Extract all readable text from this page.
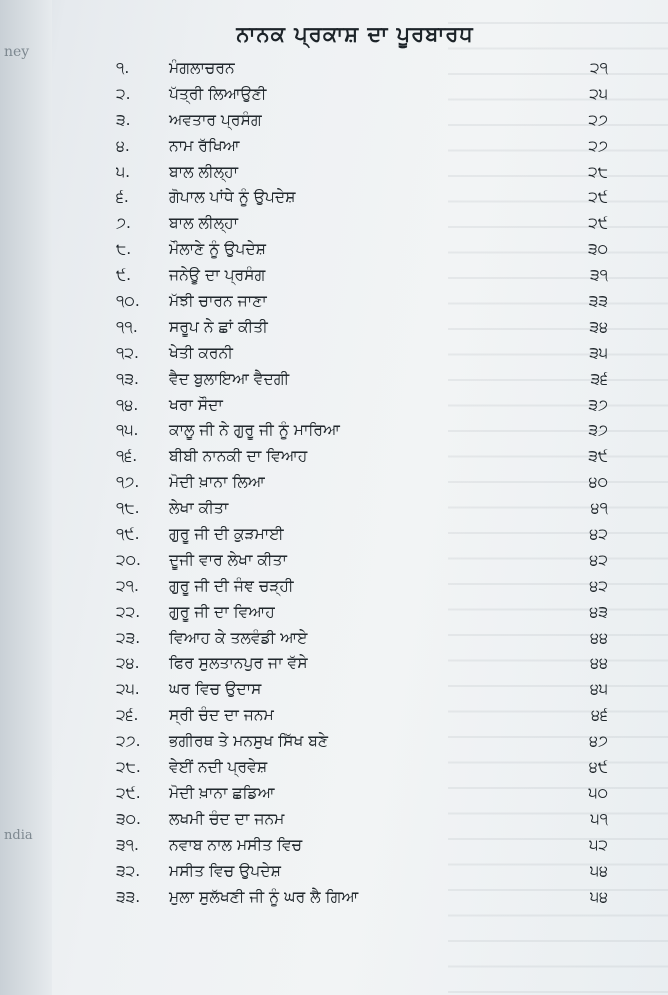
ney
ndia
ਨਾਨਕ ਪ੍ਰਕਾਸ਼ ਦਾ ਪੂਰਬਾਰਧ
੧.	ਮੰਗਲਾਚਰਨ	੨੧
੨.	ਪੱਤ੍ਰੀ ਲਿਆਉਣੀ	੨੫
੩.	ਅਵਤਾਰ ਪ੍ਰਸੰਗ	੨੭
੪.	ਨਾਮ ਰੱਖਿਆ	੨੭
੫.	ਬਾਲ ਲੀਲ੍ਹਾ	੨੮
੬.	ਗੋਪਾਲ ਪਾਂਧੇ ਨੂੰ ਉਪਦੇਸ਼	੨੯
੭.	ਬਾਲ ਲੀਲ੍ਹਾ	੨੯
੮.	ਮੌਲਾਣੇ ਨੂੰ ਉਪਦੇਸ਼	੩੦
੯.	ਜਨੇਊ ਦਾ ਪ੍ਰਸੰਗ	੩੧
੧੦.	ਮੱਝੀ ਚਾਰਨ ਜਾਣਾ	੩੩
੧੧.	ਸਰੂਪ ਨੇ ਛਾਂ ਕੀਤੀ	੩੪
੧੨.	ਖੇਤੀ ਕਰਨੀ	੩੫
੧੩.	ਵੈਦ ਬੁਲਾਇਆ ਵੈਦਗੀ	੩੬
੧੪.	ਖਰਾ ਸੌਦਾ	੩੭
੧੫.	ਕਾਲੂ ਜੀ ਨੇ ਗੁਰੂ ਜੀ ਨੂੰ ਮਾਰਿਆ	੩੭
੧੬.	ਬੀਬੀ ਨਾਨਕੀ ਦਾ ਵਿਆਹ	੩੯
੧੭.	ਮੋਦੀ ਖ਼ਾਨਾ ਲਿਆ	੪੦
੧੮.	ਲੇਖਾ ਕੀਤਾ	੪੧
੧੯.	ਗੁਰੂ ਜੀ ਦੀ ਕੁੜਮਾਈ	੪੨
੨੦.	ਦੂਜੀ ਵਾਰ ਲੇਖਾ ਕੀਤਾ	੪੨
੨੧.	ਗੁਰੂ ਜੀ ਦੀ ਜੰਞ ਚੜ੍ਹੀ	੪੨
੨੨.	ਗੁਰੂ ਜੀ ਦਾ ਵਿਆਹ	੪੩
੨੩.	ਵਿਆਹ ਕੇ ਤਲਵੰਡੀ ਆਏ	੪੪
੨੪.	ਫਿਰ ਸੁਲਤਾਨਪੁਰ ਜਾ ਵੱਸੇ	੪੪
੨੫.	ਘਰ ਵਿਚ ਉਦਾਸ	੪੫
੨੬.	ਸ੍ਰੀ ਚੰਦ ਦਾ ਜਨਮ	੪੬
੨੭.	ਭਗੀਰਥ ਤੇ ਮਨਸੁਖ ਸਿੱਖ ਬਣੇ	੪੭
੨੮.	ਵੇਈਂ ਨਦੀ ਪ੍ਰਵੇਸ਼	੪੯
੨੯.	ਮੋਦੀ ਖ਼ਾਨਾ ਛਡਿਆ	੫੦
੩੦.	ਲਖਮੀ ਚੰਦ ਦਾ ਜਨਮ	੫੧
੩੧.	ਨਵਾਬ ਨਾਲ ਮਸੀਤ ਵਿਚ	੫੨
੩੨.	ਮਸੀਤ ਵਿਚ ਉਪਦੇਸ਼	੫੪
੩੩.	ਮੁਲਾ ਸੁਲੱਖਣੀ ਜੀ ਨੂੰ ਘਰ ਲੈ ਗਿਆ	੫੪
